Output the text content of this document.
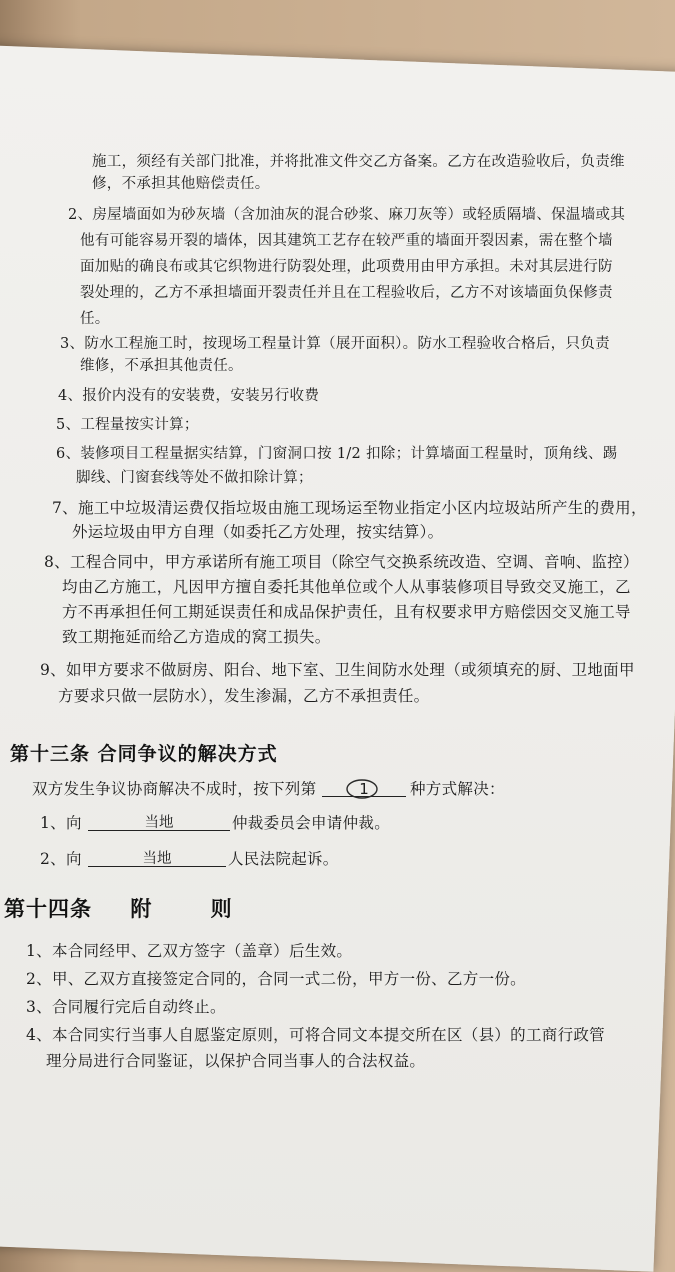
施工，须经有关部门批准，并将批准文件交乙方备案。乙方在改造验收后，负责维
修，不承担其他赔偿责任。
2、房屋墙面如为砂灰墙（含加油灰的混合砂浆、麻刀灰等）或轻质隔墙、保温墙或其
他有可能容易开裂的墙体，因其建筑工艺存在较严重的墙面开裂因素，需在整个墙
面加贴的确良布或其它织物进行防裂处理，此项费用由甲方承担。未对其层进行防
裂处理的，乙方不承担墙面开裂责任并且在工程验收后，乙方不对该墙面负保修责
任。
3、防水工程施工时，按现场工程量计算（展开面积）。防水工程验收合格后，只负责
维修，不承担其他责任。
4、报价内没有的安装费，安装另行收费
5、工程量按实计算；
6、装修项目工程量据实结算，门窗洞口按 1/2 扣除；计算墙面工程量时，顶角线、踢
脚线、门窗套线等处不做扣除计算；
7、施工中垃圾清运费仅指垃圾由施工现场运至物业指定小区内垃圾站所产生的费用，
外运垃圾由甲方自理（如委托乙方处理，按实结算）。
8、工程合同中，甲方承诺所有施工项目（除空气交换系统改造、空调、音响、监控）
均由乙方施工，凡因甲方擅自委托其他单位或个人从事装修项目导致交叉施工，乙
方不再承担任何工期延误责任和成品保护责任，且有权要求甲方赔偿因交叉施工导
致工期拖延而给乙方造成的窝工损失。
9、如甲方要求不做厨房、阳台、地下室、卫生间防水处理（或须填充的厨、卫地面甲
方要求只做一层防水），发生渗漏，乙方不承担责任。
第十三条 合同争议的解决方式
双方发生争议协商解决不成时，按下列第	1	种方式解决：
1、向	当地	仲裁委员会申请仲裁。
2、向	当地	人民法院起诉。
第十四条 附	则
1、本合同经甲、乙双方签字（盖章）后生效。
2、甲、乙双方直接签定合同的，合同一式二份，甲方一份、乙方一份。
3、合同履行完后自动终止。
4、本合同实行当事人自愿鉴定原则，可将合同文本提交所在区（县）的工商行政管
理分局进行合同鉴证，以保护合同当事人的合法权益。
